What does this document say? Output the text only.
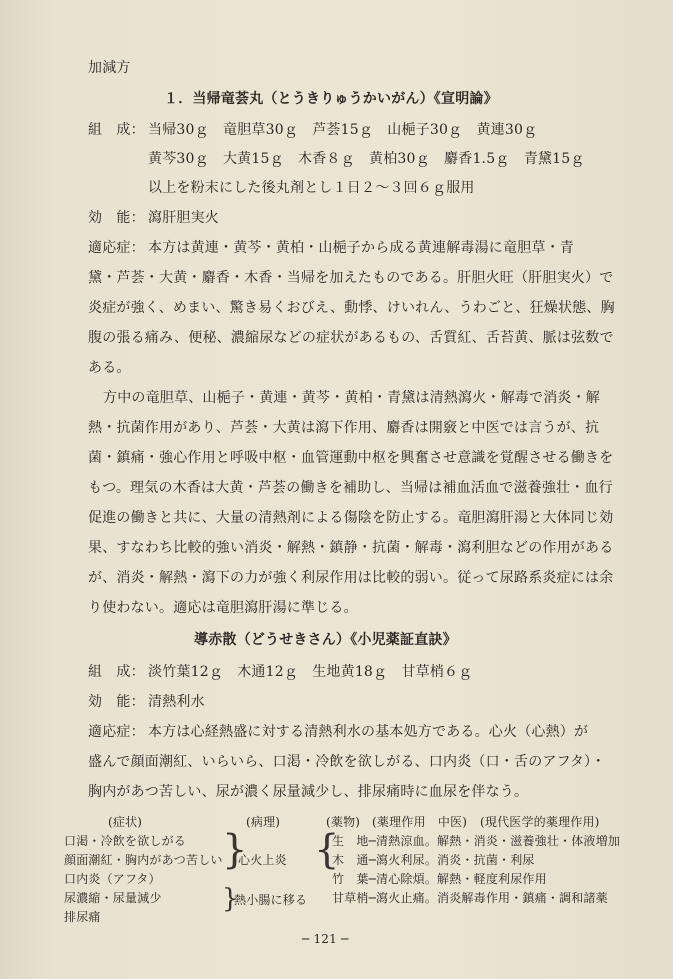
加減方
１．当帰竜荟丸（とうきりゅうかいがん）《宣明論》
組　成： 当帰30ｇ　竜胆草30ｇ　芦荟15ｇ　山梔子30ｇ　黄連30ｇ
黄芩30ｇ　大黄15ｇ　木香８ｇ　黄柏30ｇ　麝香1.5ｇ　青黛15ｇ
以上を粉末にした後丸剤とし１日２～３回６ｇ服用
効　能： 瀉肝胆実火
適応症： 本方は黄連・黄芩・黄柏・山梔子から成る黄連解毒湯に竜胆草・青
黛・芦荟・大黄・麝香・木香・当帰を加えたものである。肝胆火旺（肝胆実火）で
炎症が強く、めまい、驚き易くおびえ、動悸、けいれん、うわごと、狂燥状態、胸
腹の張る痛み、便秘、濃縮尿などの症状があるもの、舌質紅、舌苔黄、脈は弦数で
ある。
方中の竜胆草、山梔子・黄連・黄芩・黄柏・青黛は清熱瀉火・解毒で消炎・解
熱・抗菌作用があり、芦荟・大黄は瀉下作用、麝香は開竅と中医では言うが、抗
菌・鎮痛・強心作用と呼吸中枢・血管運動中枢を興奮させ意識を覚醒させる働きを
もつ。理気の木香は大黄・芦荟の働きを補助し、当帰は補血活血で滋養強壮・血行
促進の働きと共に、大量の清熱剤による傷陰を防止する。竜胆瀉肝湯と大体同じ効
果、すなわち比較的強い消炎・解熱・鎮静・抗菌・解毒・瀉利胆などの作用がある
が、消炎・解熱・瀉下の力が強く利尿作用は比較的弱い。従って尿路系炎症には余
り使わない。適応は竜胆瀉肝湯に準じる。
導赤散（どうせきさん）《小児薬証直訣》
組　成： 淡竹葉12ｇ　木通12ｇ　生地黄18ｇ　甘草梢６ｇ
効　能： 清熱利水
適応症： 本方は心経熱盛に対する清熱利水の基本処方である。心火（心熱）が
盛んで顔面潮紅、いらいら、口渇・冷飲を欲しがる、口内炎（口・舌のアフタ）・
胸内があつ苦しい、尿が濃く尿量減少し、排尿痛時に血尿を伴なう。
(症状)	(病理)	(薬物) (薬理作用　中医) (現代医学的薬理作用)
口渇・冷飲を欲しがる
顔面潮紅・胸内があつ苦しい
口内炎（アフタ）
尿濃縮・尿量減少
排尿痛
}
}
心火上炎
熱小腸に移る
}
生　地─清熱涼血。解熱・消炎・滋養強壮・体液増加
木　通─瀉火利尿。消炎・抗菌・利尿
竹　葉─清心除煩。解熱・軽度利尿作用
甘草梢─瀉火止痛。消炎解毒作用・鎮痛・調和諸薬
─ 121 ─
